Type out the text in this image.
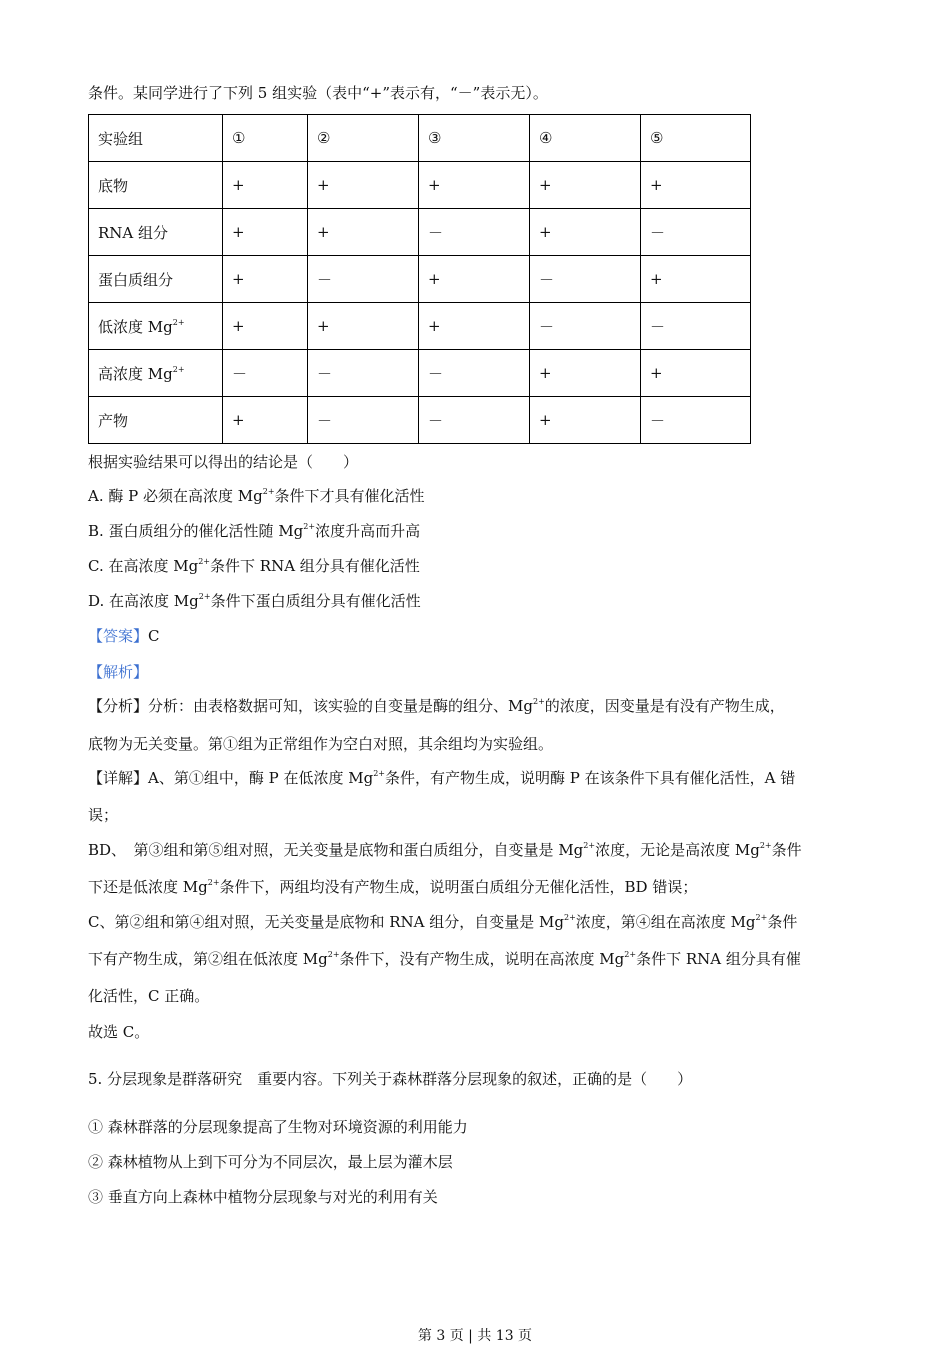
条件。某同学进行了下列 5 组实验（表中“+”表示有，“－”表示无）。
实验组	①	②	③	④	⑤
底物	+	+	+	+	+
RNA 组分	+	+	－	+	－
蛋白质组分	+	－	+	－	+
低浓度 $Mg^{2+}$	+	+	+	－	－
高浓度 $Mg^{2+}$	－	－	－	+	+
产物	+	－	－	+	－
根据实验结果可以得出的结论是（　　）
A. 酶 P 必须在高浓度 $Mg^{2+}$条件下才具有催化活性
B. 蛋白质组分的催化活性随 $Mg^{2+}$浓度升高而升高
C. 在高浓度 $Mg^{2+}$条件下 RNA 组分具有催化活性
D. 在高浓度 $Mg^{2+}$条件下蛋白质组分具有催化活性
【答案】C
【解析】
【分析】分析：由表格数据可知，该实验的自变量是酶的组分、$Mg^{2+}$的浓度，因变量是有没有产物生成，
底物为无关变量。第①组为正常组作为空白对照，其余组均为实验组。
【详解】A、第①组中，酶 P 在低浓度 $Mg^{2+}$条件，有产物生成，说明酶 P 在该条件下具有催化活性，A 错
误；
BD、　第③组和第⑤组对照，无关变量是底物和蛋白质组分，自变量是 $Mg^{2+}$浓度，无论是高浓度 $Mg^{2+}$条件
下还是低浓度 $Mg^{2+}$条件下，两组均没有产物生成，说明蛋白质组分无催化活性，BD 错误；
C、第②组和第④组对照，无关变量是底物和 RNA 组分，自变量是 $Mg^{2+}$浓度，第④组在高浓度 $Mg^{2+}$条件
下有产物生成，第②组在低浓度 $Mg^{2+}$条件下，没有产物生成，说明在高浓度 $Mg^{2+}$条件下 RNA 组分具有催
化活性，C 正确。
故选 C。
5. 分层现象是群落研究　重要内容。下列关于森林群落分层现象的叙述，正确的是（　　）
① 森林群落的分层现象提高了生物对环境资源的利用能力
② 森林植物从上到下可分为不同层次，最上层为灌木层
③ 垂直方向上森林中植物分层现象与对光的利用有关
第 3 页 | 共 13 页
